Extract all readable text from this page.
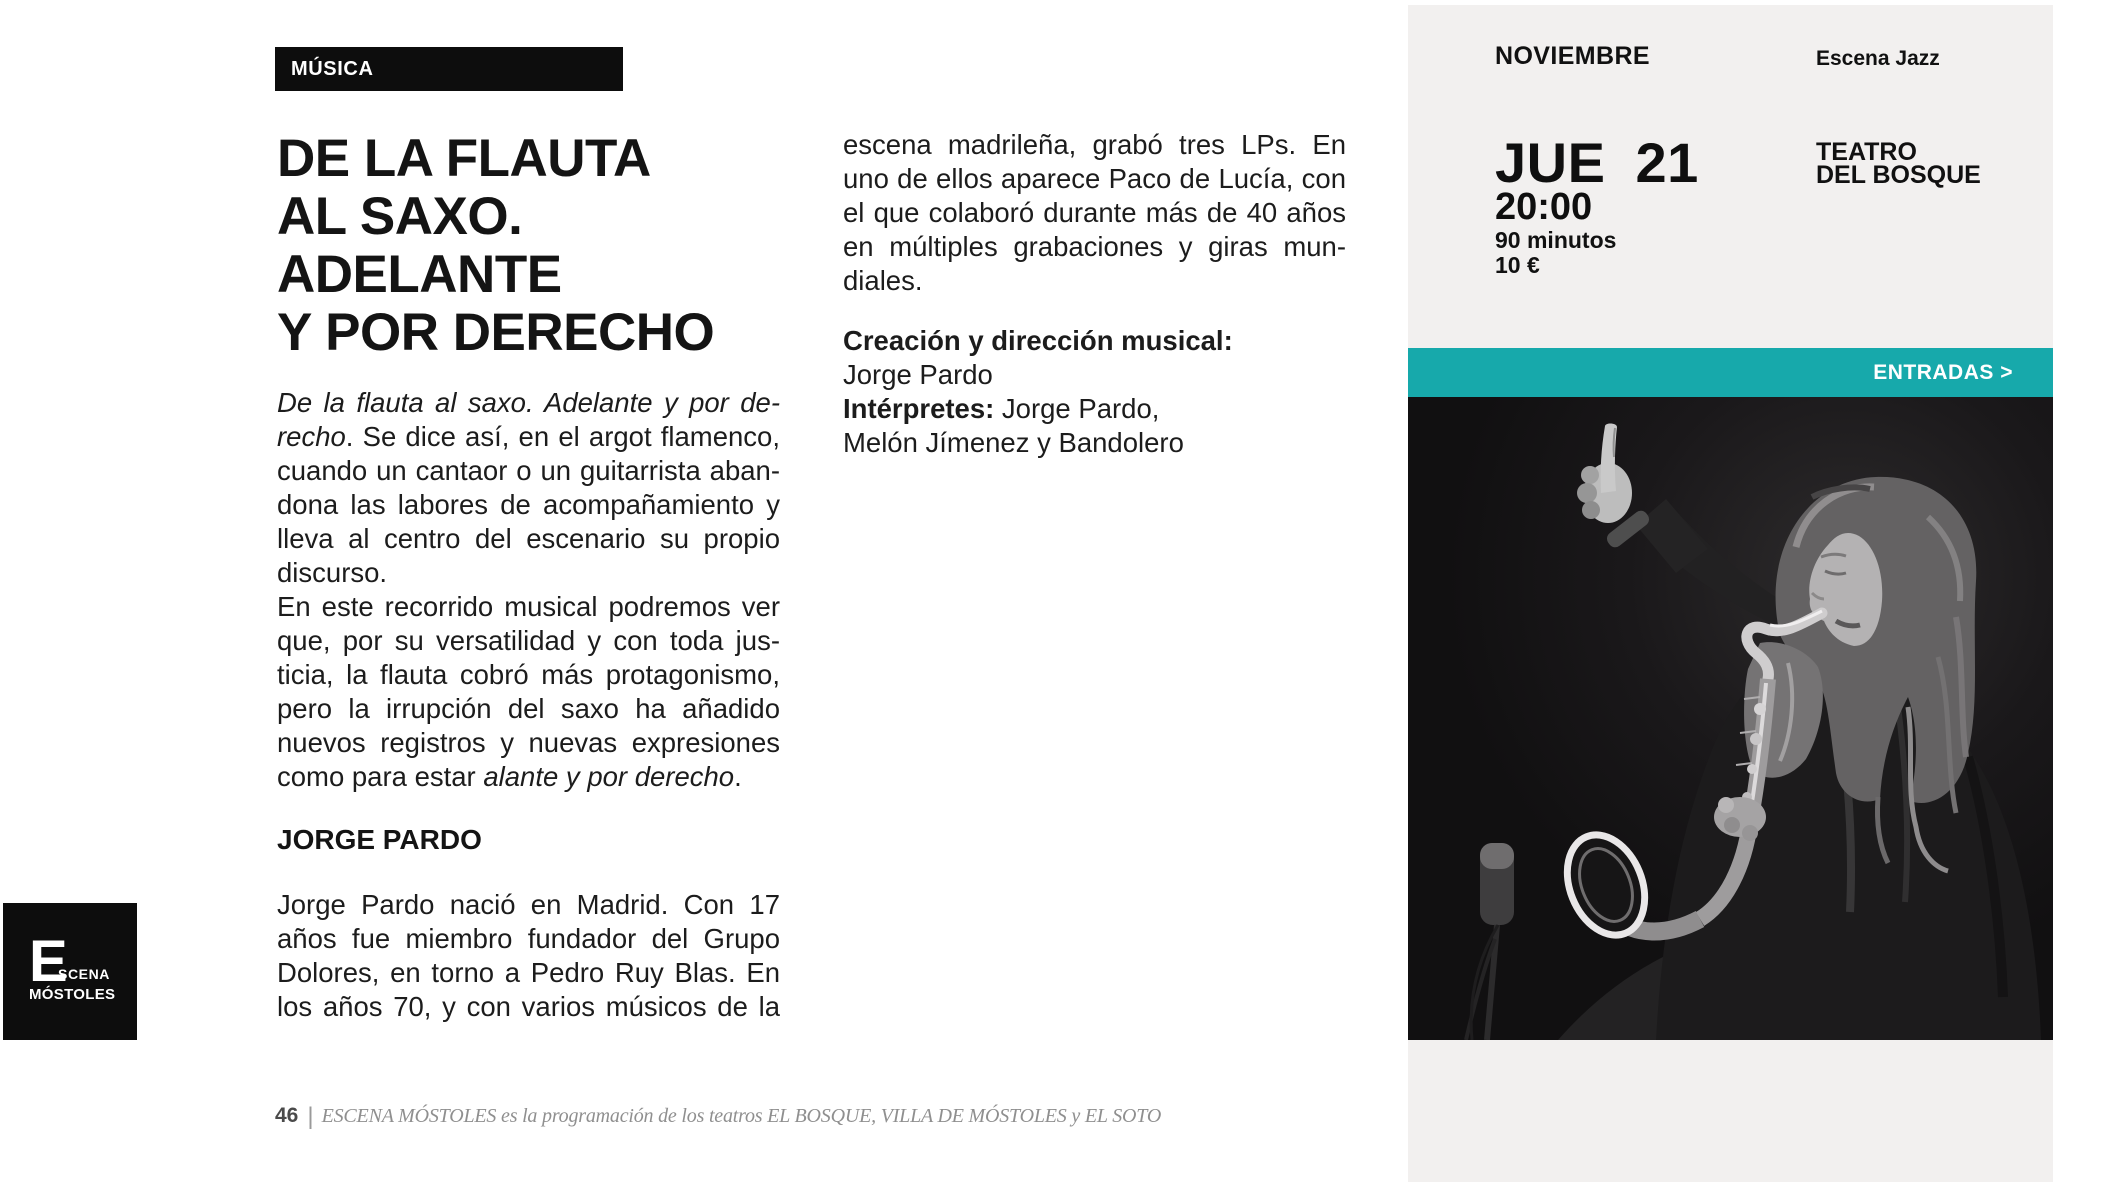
MÚSICA
DE LA FLAUTA
AL SAXO.
ADELANTE
Y POR DERECHO
De la flauta al saxo. Adelante y por de-
recho. Se dice así, en el argot flamenco,
cuando un cantaor o un guitarrista aban-
dona las labores de acompañamiento y
lleva al centro del escenario su propio
discurso.
En este recorrido musical podremos ver
que, por su versatilidad y con toda jus-
ticia, la flauta cobró más protagonismo,
pero la irrupción del saxo ha añadido
nuevos registros y nuevas expresiones
como para estar alante y por derecho.
JORGE PARDO
Jorge Pardo nació en Madrid. Con 17
años fue miembro fundador del Grupo
Dolores, en torno a Pedro Ruy Blas. En
los años 70, y con varios músicos de la
escena madrileña, grabó tres LPs. En
uno de ellos aparece Paco de Lucía, con
el que colaboró durante más de 40 años
en múltiples grabaciones y giras mun-
diales.
Creación y dirección musical:
Jorge Pardo
Intérpretes: Jorge Pardo,
Melón Jímenez y Bandolero
NOVIEMBRE	Escena Jazz
JUE 21
20:00
90 minutos
10 €
TEATRO
DEL BOSQUE
ENTRADAS >
E
SCENA
MÓSTOLES
46 | ESCENA MÓSTOLES es la programación de los teatros EL BOSQUE, VILLA DE MÓSTOLES y EL SOTO
